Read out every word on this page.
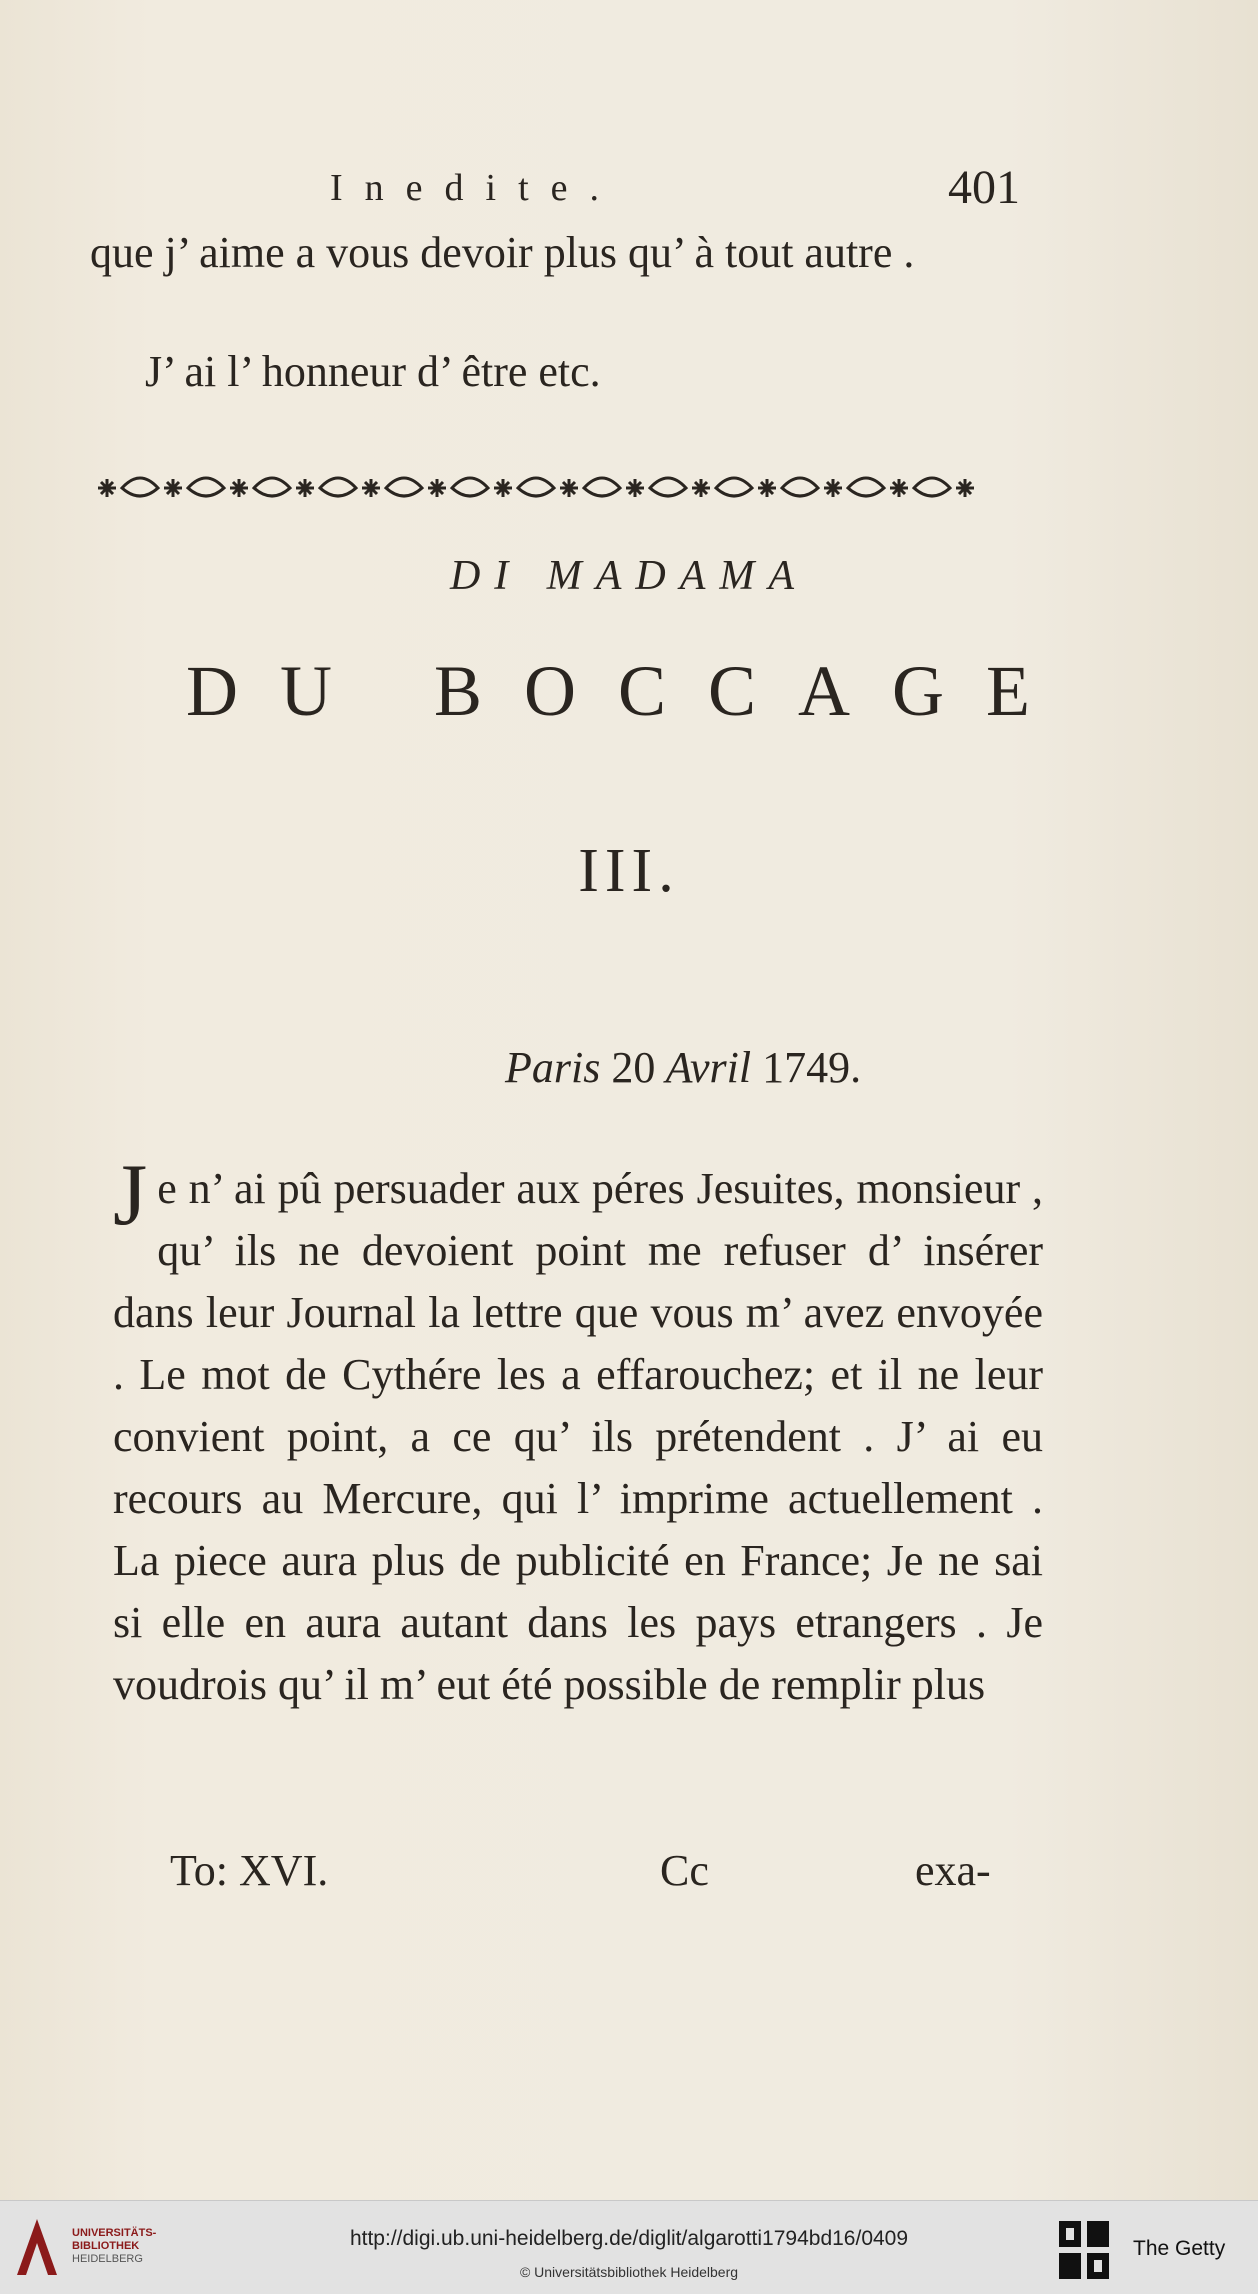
Inedite.	401
que j’ aime a vous devoir plus qu’ à tout autre .
J’ ai l’ honneur d’ être etc.
DI MADAMA
DU BOCCAGE
III.
Paris 20 Avril 1749.
Je n’ ai pû persuader aux péres Jesuites, monsieur , qu’ ils ne devoient point me refuser d’ insérer dans leur Journal la lettre que vous m’ avez envoyée . Le mot de Cythére les a effarouchez; et il ne leur convient point, a ce qu’ ils prétendent . J’ ai eu recours au Mercure, qui l’ imprime actuellement . La piece aura plus de publicité en France; Je ne sai si elle en aura autant dans les pays etrangers . Je voudrois qu’ il m’ eut été possible de remplir plus
To: XVI.	Cc	exa-
UNIVERSITÄTS-
BIBLIOTHEK
HEIDELBERG
http://digi.ub.uni-heidelberg.de/diglit/algarotti1794bd16/0409
© Universitätsbibliothek Heidelberg
The Getty
